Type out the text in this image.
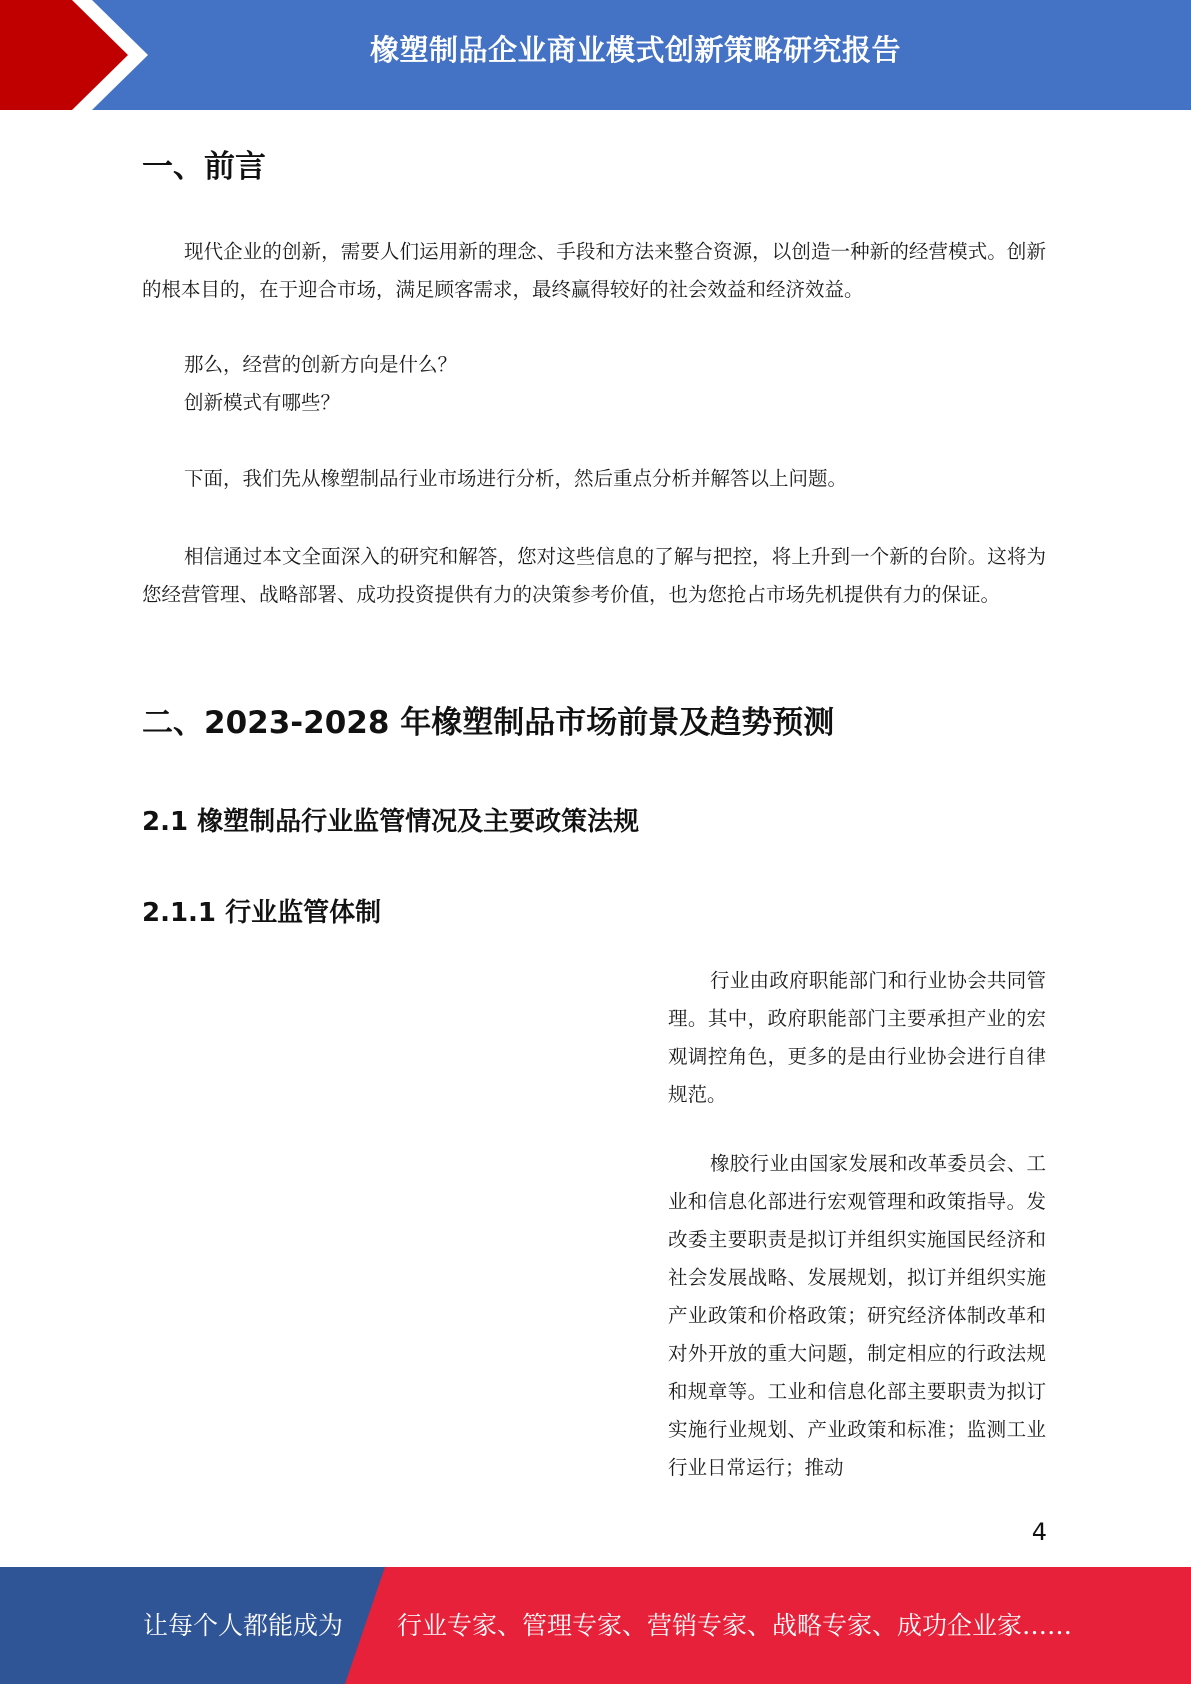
橡塑制品企业商业模式创新策略研究报告
一、前言

现代企业的创新，需要人们运用新的理念、手段和方法来整合资源，以创造一种新的经营模式。创新的根本目的，在于迎合市场，满足顾客需求，最终赢得较好的社会效益和经济效益。

那么，经营的创新方向是什么？

创新模式有哪些？

下面，我们先从橡塑制品行业市场进行分析，然后重点分析并解答以上问题。

相信通过本文全面深入的研究和解答，您对这些信息的了解与把控，将上升到一个新的台阶。这将为您经营管理、战略部署、成功投资提供有力的决策参考价值，也为您抢占市场先机提供有力的保证。

二、2023-2028 年橡塑制品市场前景及趋势预测
2.1 橡塑制品行业监管情况及主要政策法规
2.1.1 行业监管体制

行业由政府职能部门和行业协会共同管理。其中，政府职能部门主要承担产业的宏观调控角色，更多的是由行业协会进行自律规范。

橡胶行业由国家发展和改革委员会、工业和信息化部进行宏观管理和政策指导。发改委主要职责是拟订并组织实施国民经济和社会发展战略、发展规划，拟订并组织实施产业政策和价格政策；研究经济体制改革和对外开放的重大问题，制定相应的行政法规和规章等。工业和信息化部主要职责为拟订实施行业规划、产业政策和标准；监测工业行业日常运行；推动

4
让每个人都能成为 行业专家、管理专家、营销专家、战略专家、成功企业家……
